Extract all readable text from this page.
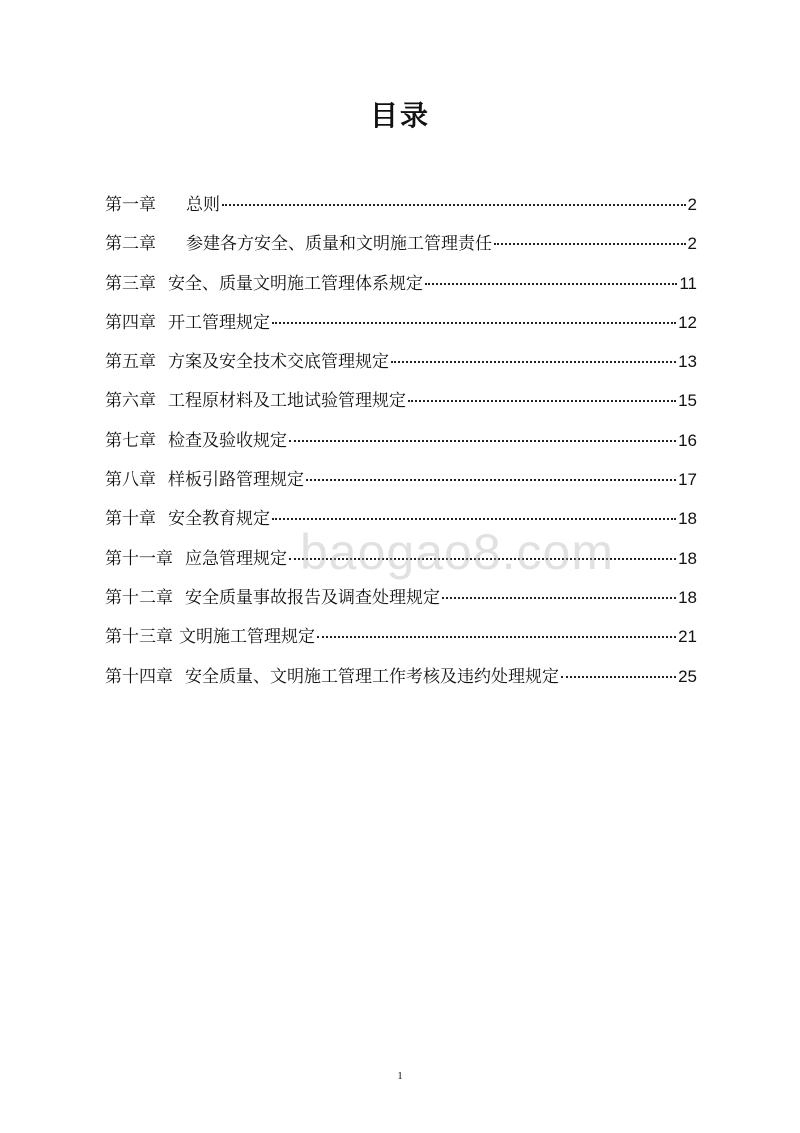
目录
第一章 总则	2
第二章 参建各方安全、质量和文明施工管理责任	2
第三章 安全、质量文明施工管理体系规定	11
第四章 开工管理规定	12
第五章 方案及安全技术交底管理规定	13
第六章 工程原材料及工地试验管理规定	15
第七章 检查及验收规定	16
第八章 样板引路管理规定	17
第十章 安全教育规定	18
第十一章 应急管理规定	18
第十二章 安全质量事故报告及调查处理规定	18
第十三章 文明施工管理规定	21
第十四章 安全质量、文明施工管理工作考核及违约处理规定	25
baogao8.com
1
